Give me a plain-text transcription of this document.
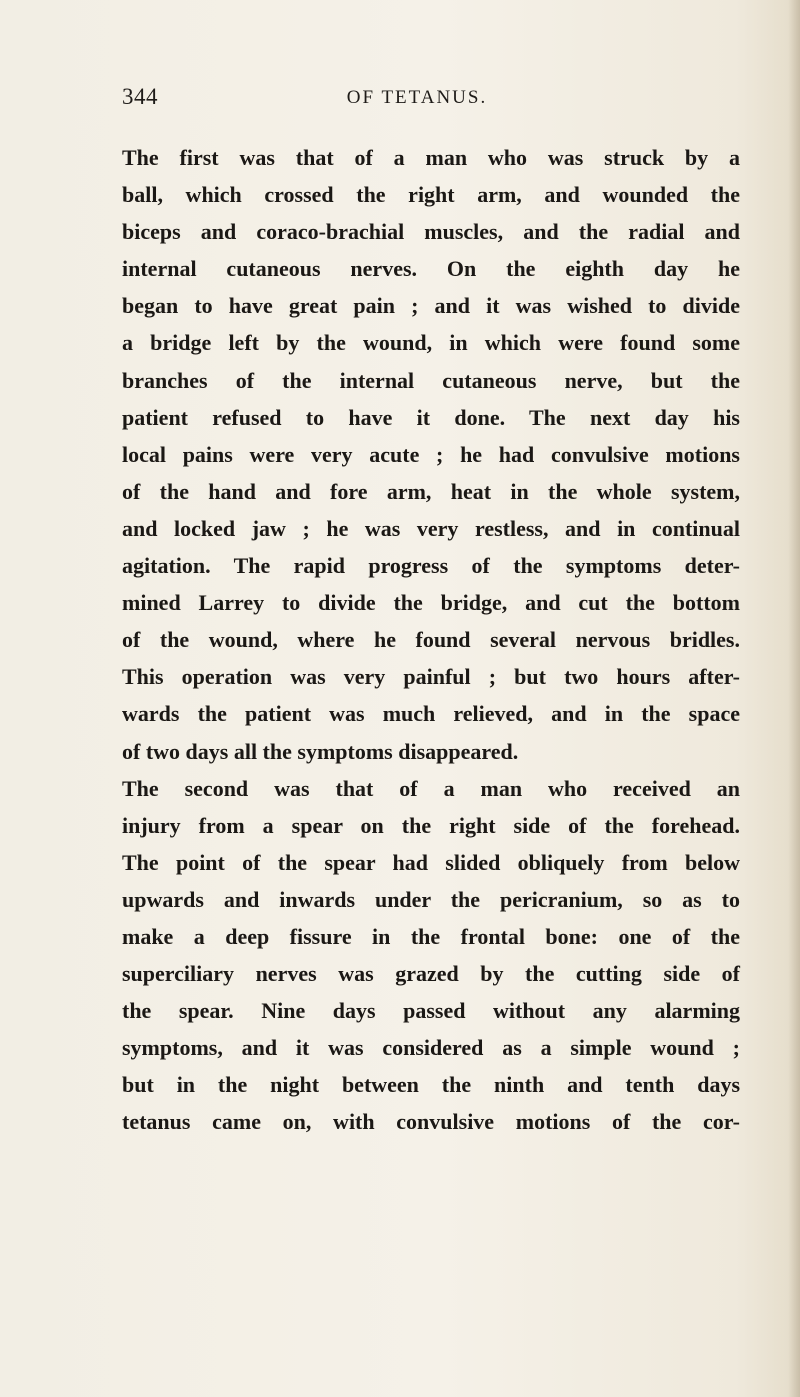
344	OF TETANUS.
The first was that of a man who was struck by a
ball, which crossed the right arm, and wounded the
biceps and coraco-brachial muscles, and the radial and
internal cutaneous nerves. On the eighth day he
began to have great pain ; and it was wished to divide
a bridge left by the wound, in which were found some
branches of the internal cutaneous nerve, but the
patient refused to have it done. The next day his
local pains were very acute ; he had convulsive motions
of the hand and fore arm, heat in the whole system,
and locked jaw ; he was very restless, and in continual
agitation. The rapid progress of the symptoms deter-
mined Larrey to divide the bridge, and cut the bottom
of the wound, where he found several nervous bridles.
This operation was very painful ; but two hours after-
wards the patient was much relieved, and in the space
of two days all the symptoms disappeared.
The second was that of a man who received an
injury from a spear on the right side of the forehead.
The point of the spear had slided obliquely from below
upwards and inwards under the pericranium, so as to
make a deep fissure in the frontal bone: one of the
superciliary nerves was grazed by the cutting side of
the spear. Nine days passed without any alarming
symptoms, and it was considered as a simple wound ;
but in the night between the ninth and tenth days
tetanus came on, with convulsive motions of the cor-
